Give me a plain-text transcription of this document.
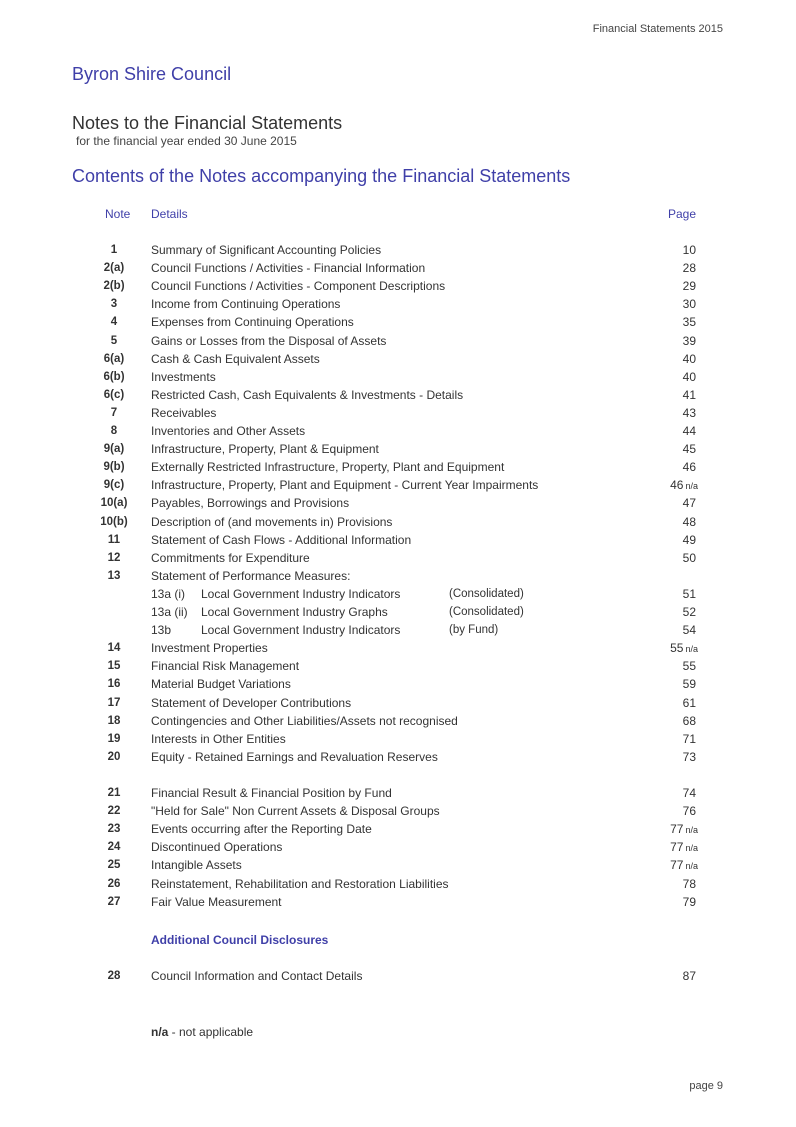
Financial Statements 2015
Byron Shire Council
Notes to the Financial Statements
for the financial year ended 30 June 2015
Contents of the Notes accompanying the Financial Statements
Note Details	Page
1	Summary of Significant Accounting Policies	10
2(a)	Council Functions / Activities - Financial Information	28
2(b)	Council Functions / Activities - Component Descriptions	29
3	Income from Continuing Operations	30
4	Expenses from Continuing Operations	35
5	Gains or Losses from the Disposal of Assets	39
6(a)	Cash & Cash Equivalent Assets	40
6(b)	Investments	40
6(c)	Restricted Cash, Cash Equivalents & Investments - Details	41
7	Receivables	43
8	Inventories and Other Assets	44
9(a)	Infrastructure, Property, Plant & Equipment	45
9(b)	Externally Restricted Infrastructure, Property, Plant and Equipment	46
9(c)	Infrastructure, Property, Plant and Equipment - Current Year Impairments	46 n/a
10(a)	Payables, Borrowings and Provisions	47
10(b)	Description of (and movements in) Provisions	48
11	Statement of Cash Flows - Additional Information	49
12	Commitments for Expenditure	50
13	Statement of Performance Measures:
13a (i) Local Government Industry Indicators	(Consolidated)	51
13a (ii) Local Government Industry Graphs	(Consolidated)	52
13b Local Government Industry Indicators	(by Fund)	54
14	Investment Properties	55 n/a
15	Financial Risk Management	55
16	Material Budget Variations	59
17	Statement of Developer Contributions	61
18	Contingencies and Other Liabilities/Assets not recognised	68
19	Interests in Other Entities	71
20	Equity - Retained Earnings and Revaluation Reserves	73
21	Financial Result & Financial Position by Fund	74
22	"Held for Sale" Non Current Assets & Disposal Groups	76
23	Events occurring after the Reporting Date	77 n/a
24	Discontinued Operations	77 n/a
25	Intangible Assets	77 n/a
26	Reinstatement, Rehabilitation and Restoration Liabilities	78
27	Fair Value Measurement	79
28	Council Information and Contact Details	87
Additional Council Disclosures
n/a - not applicable
page 9
